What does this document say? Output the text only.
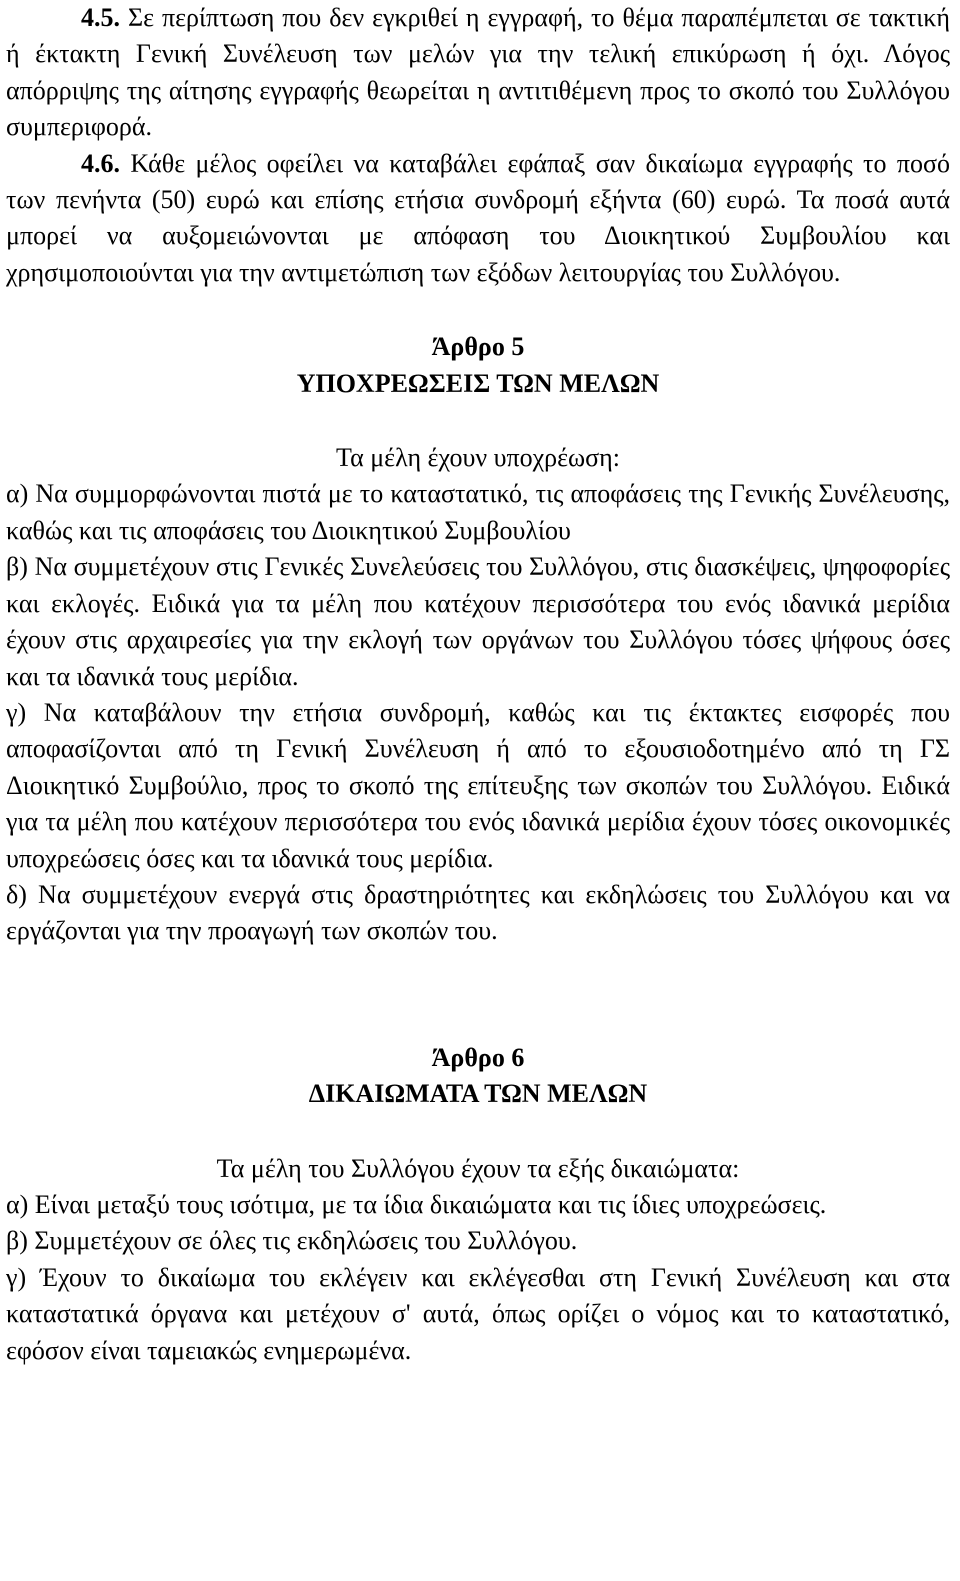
4.5. Σε περίπτωση που δεν εγκριθεί η εγγραφή, το θέμα παραπέμπεται σε τακτική ή έκτακτη Γενική Συνέλευση των μελών για την τελική επικύρωση ή όχι. Λόγος απόρριψης της αίτησης εγγραφής θεωρείται η αντιτιθέμενη προς το σκοπό του Συλλόγου συμπεριφορά.

4.6. Κάθε μέλος οφείλει να καταβάλει εφάπαξ σαν δικαίωμα εγγραφής το ποσό των πενήντα (50) ευρώ και επίσης ετήσια συνδρομή εξήντα (60) ευρώ. Τα ποσά αυτά μπορεί να αυξομειώνονται με απόφαση του Διοικητικού Συμβουλίου και χρησιμοποιούνται για την αντιμετώπιση των εξόδων λειτουργίας του Συλλόγου.

Άρθρο 5

ΥΠΟΧΡΕΩΣΕΙΣ ΤΩΝ ΜΕΛΩΝ

Τα μέλη έχουν υποχρέωση:

α) Να συμμορφώνονται πιστά με το καταστατικό, τις αποφάσεις της Γενικής Συνέλευσης, καθώς και τις αποφάσεις του Διοικητικού Συμβουλίου

β) Να συμμετέχουν στις Γενικές Συνελεύσεις του Συλλόγου, στις διασκέψεις, ψηφοφορίες και εκλογές. Ειδικά για τα μέλη που κατέχουν περισσότερα του ενός ιδανικά μερίδια έχουν στις αρχαιρεσίες για την εκλογή των οργάνων του Συλλόγου τόσες ψήφους όσες και τα ιδανικά τους μερίδια.

γ) Να καταβάλουν την ετήσια συνδρομή, καθώς και τις έκτακτες εισφορές που αποφασίζονται από τη Γενική Συνέλευση ή από το εξουσιοδοτημένο από τη ΓΣ Διοικητικό Συμβούλιο, προς το σκοπό της επίτευξης των σκοπών του Συλλόγου. Ειδικά για τα μέλη που κατέχουν περισσότερα του ενός ιδανικά μερίδια έχουν τόσες οικονομικές υποχρεώσεις όσες και τα ιδανικά τους μερίδια.

δ) Να συμμετέχουν ενεργά στις δραστηριότητες και εκδηλώσεις του Συλλόγου και να εργάζονται για την προαγωγή των σκοπών του.

Άρθρο 6

ΔΙΚΑΙΩΜΑΤΑ ΤΩΝ ΜΕΛΩΝ

Τα μέλη του Συλλόγου έχουν τα εξής δικαιώματα:

α) Είναι μεταξύ τους ισότιμα, με τα ίδια δικαιώματα και τις ίδιες υποχρεώσεις.

β) Συμμετέχουν σε όλες τις εκδηλώσεις του Συλλόγου.

γ) Έχουν το δικαίωμα του εκλέγειν και εκλέγεσθαι στη Γενική Συνέλευση και στα καταστατικά όργανα και μετέχουν σ' αυτά, όπως ορίζει ο νόμος και το καταστατικό, εφόσον είναι ταμειακώς ενημερωμένα.
